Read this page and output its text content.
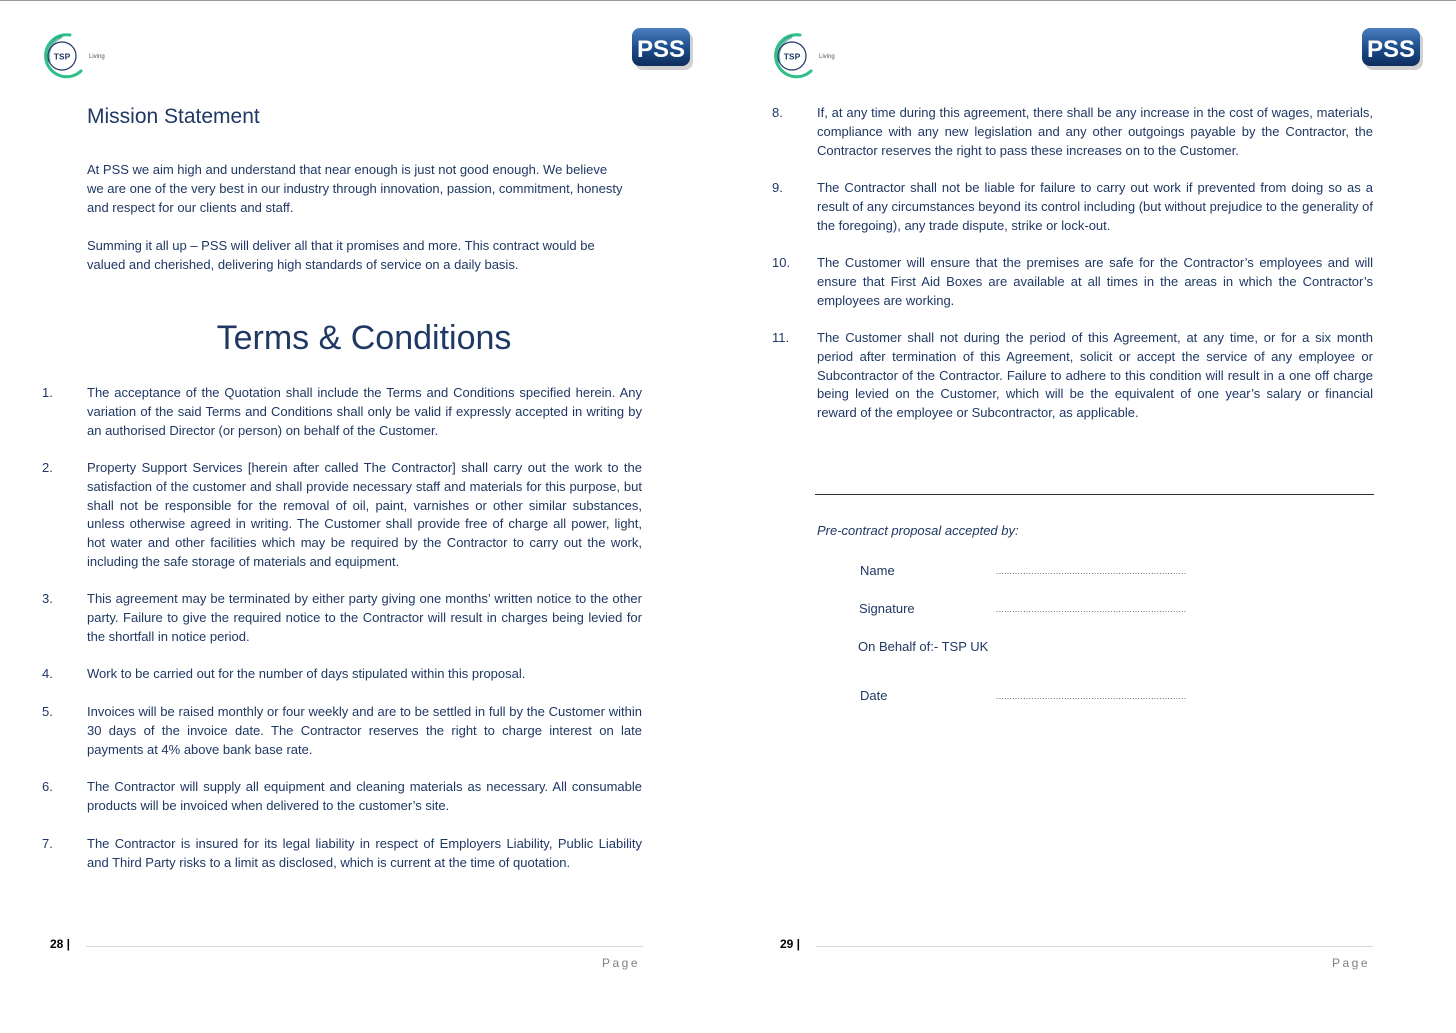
TSP	Living	PSS
Mission Statement
At PSS we aim high and understand that near enough is just not good enough. We believe we are one of the very best in our industry through innovation, passion, commitment, honesty and respect for our clients and staff.
Summing it all up – PSS will deliver all that it promises and more. This contract would be valued and cherished, delivering high standards of service on a daily basis.
Terms & Conditions
1.	The acceptance of the Quotation shall include the Terms and Conditions specified herein. Any variation of the said Terms and Conditions shall only be valid if expressly accepted in writing by an authorised Director (or person) on behalf of the Customer.
2.	Property Support Services [herein after called The Contractor] shall carry out the work to the satisfaction of the customer and shall provide necessary staff and materials for this purpose, but shall not be responsible for the removal of oil, paint, varnishes or other similar substances, unless otherwise agreed in writing. The Customer shall provide free of charge all power, light, hot water and other facilities which may be required by the Contractor to carry out the work, including the safe storage of materials and equipment.
3.	This agreement may be terminated by either party giving one months’ written notice to the other party. Failure to give the required notice to the Contractor will result in charges being levied for the shortfall in notice period.
4.	Work to be carried out for the number of days stipulated within this proposal.
5.	Invoices will be raised monthly or four weekly and are to be settled in full by the Customer within 30 days of the invoice date. The Contractor reserves the right to charge interest on late payments at 4% above bank base rate.
6.	The Contractor will supply all equipment and cleaning materials as necessary. All consumable products will be invoiced when delivered to the customer’s site.
7.	The Contractor is insured for its legal liability in respect of Employers Liability, Public Liability and Third Party risks to a limit as disclosed, which is current at the time of quotation.
28 |
Page
TSP	Living	PSS
8.	If, at any time during this agreement, there shall be any increase in the cost of wages, materials, compliance with any new legislation and any other outgoings payable by the Contractor, the Contractor reserves the right to pass these increases on to the Customer.
9.	The Contractor shall not be liable for failure to carry out work if prevented from doing so as a result of any circumstances beyond its control including (but without prejudice to the generality of the foregoing), any trade dispute, strike or lock-out.
10. The Customer will ensure that the premises are safe for the Contractor’s employees and will ensure that First Aid Boxes are available at all times in the areas in which the Contractor’s employees are working.
11. The Customer shall not during the period of this Agreement, at any time, or for a six month period after termination of this Agreement, solicit or accept the service of any employee or Subcontractor of the Contractor. Failure to adhere to this condition will result in a one off charge being levied on the Customer, which will be the equivalent of one year’s salary or financial reward of the employee or Subcontractor, as applicable.
Pre-contract proposal accepted by:
Name	......................................................................
Signature	......................................................................
On Behalf of:- TSP UK
Date	......................................................................
29 |
Page
